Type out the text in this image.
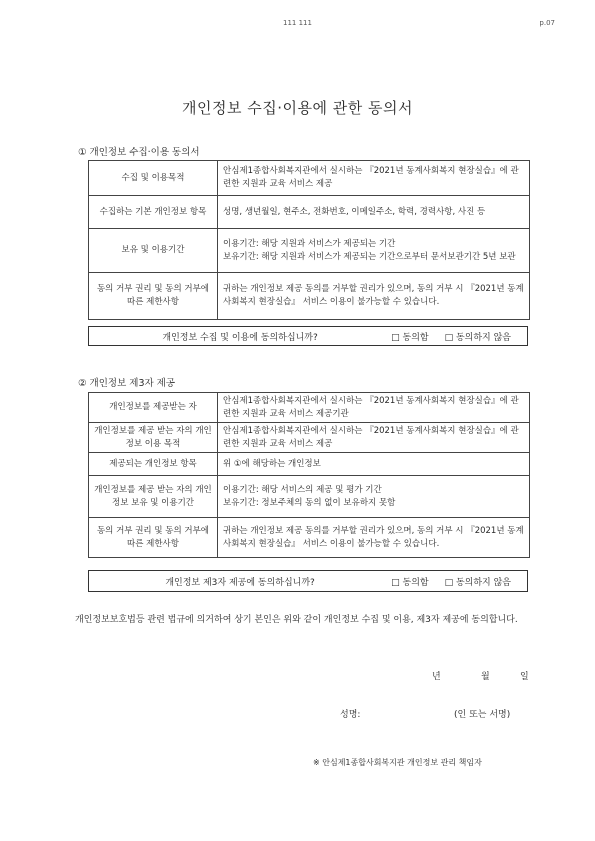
111 111	p.07
개인정보 수집·이용에 관한 동의서
① 개인정보 수집·이용 동의서
수집 및 이용목적	안심제1종합사회복지관에서 실시하는 『2021년 동계사회복지 현장실습』에 관련한 지원과 교육 서비스 제공
수집하는 기본 개인정보 항목	성명, 생년월일, 현주소, 전화번호, 이메일주소, 학력, 경력사항, 사진 등
보유 및 이용기간	이용기간: 해당 지원과 서비스가 제공되는 기간
보유기간: 해당 지원과 서비스가 제공되는 기간으로부터 문서보관기간 5년 보관
동의 거부 권리 및 동의 거부에 따른 제한사항	귀하는 개인정보 제공 동의를 거부할 권리가 있으며, 동의 거부 시 『2021년 동계사회복지 현장실습』 서비스 이용이 불가능할 수 있습니다.
개인정보 수집 및 이용에 동의하십니까?	□ 동의함 □ 동의하지 않음
② 개인정보 제3자 제공
개인정보를 제공받는 자	안심제1종합사회복지관에서 실시하는 『2021년 동계사회복지 현장실습』에 관련한 지원과 교육 서비스 제공기관
개인정보를 제공 받는 자의 개인정보 이용 목적	안심제1종합사회복지관에서 실시하는 『2021년 동계사회복지 현장실습』에 관련한 지원과 교육 서비스 제공
제공되는 개인정보 항목	위 ①에 해당하는 개인정보
개인정보를 제공 받는 자의 개인정보 보유 및 이용기간	이용기간: 해당 서비스의 제공 및 평가 기간
보유기간: 정보주체의 동의 없이 보유하지 못함
동의 거부 권리 및 동의 거부에 따른 제한사항	귀하는 개인정보 제공 동의를 거부할 권리가 있으며, 동의 거부 시 『2021년 동계사회복지 현장실습』 서비스 이용이 불가능할 수 있습니다.
개인정보 제3자 제공에 동의하십니까?	□ 동의함 □ 동의하지 않음
개인정보보호법등 관련 법규에 의거하여 상기 본인은 위와 같이 개인정보 수집 및 이용, 제3자 제공에 동의합니다.
년	월	일
성명:	(인 또는 서명)
※ 안심제1종합사회복지관 개인정보 관리 책임자
